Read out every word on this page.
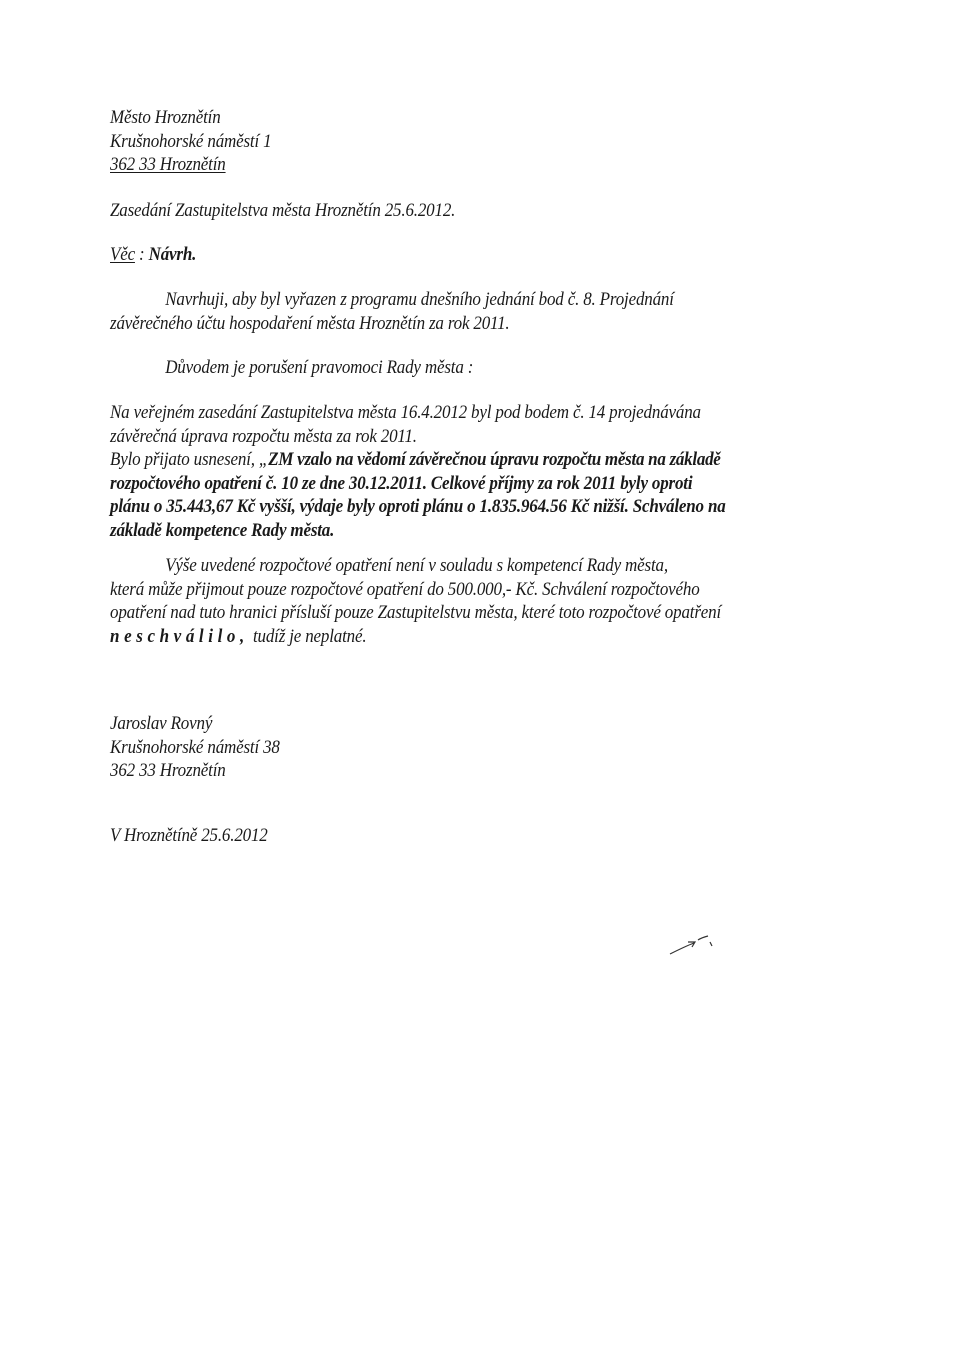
Město Hroznětín
Krušnohorské náměstí 1
362 33 Hroznětín
Zasedání Zastupitelstva města Hroznětín 25.6.2012.
Věc : Návrh.
Navrhuji, aby byl vyřazen z programu dnešního jednání bod č. 8. Projednání
závěrečného účtu hospodaření města Hroznětín za rok 2011.
Důvodem je porušení pravomoci Rady města :
Na veřejném zasedání Zastupitelstva města 16.4.2012 byl pod bodem č. 14 projednávána
závěrečná úprava rozpočtu města za rok 2011.
Bylo přijato usnesení, „ZM vzalo na vědomí závěrečnou úpravu rozpočtu města na základě
rozpočtového opatření č. 10 ze dne 30.12.2011. Celkové příjmy za rok 2011 byly oproti
plánu o 35.443,67 Kč vyšší, výdaje byly oproti plánu o 1.835.964.56 Kč nižší. Schváleno na
základě kompetence Rady města.
Výše uvedené rozpočtové opatření není v souladu s kompetencí Rady města,
která může přijmout pouze rozpočtové opatření do 500.000,- Kč. Schválení rozpočtového
opatření nad tuto hranici přísluší pouze Zastupitelstvu města, které toto rozpočtové opatření
neschválilo, tudíž je neplatné.
Jaroslav Rovný
Krušnohorské náměstí 38
362 33 Hroznětín
V Hroznětíně 25.6.2012
